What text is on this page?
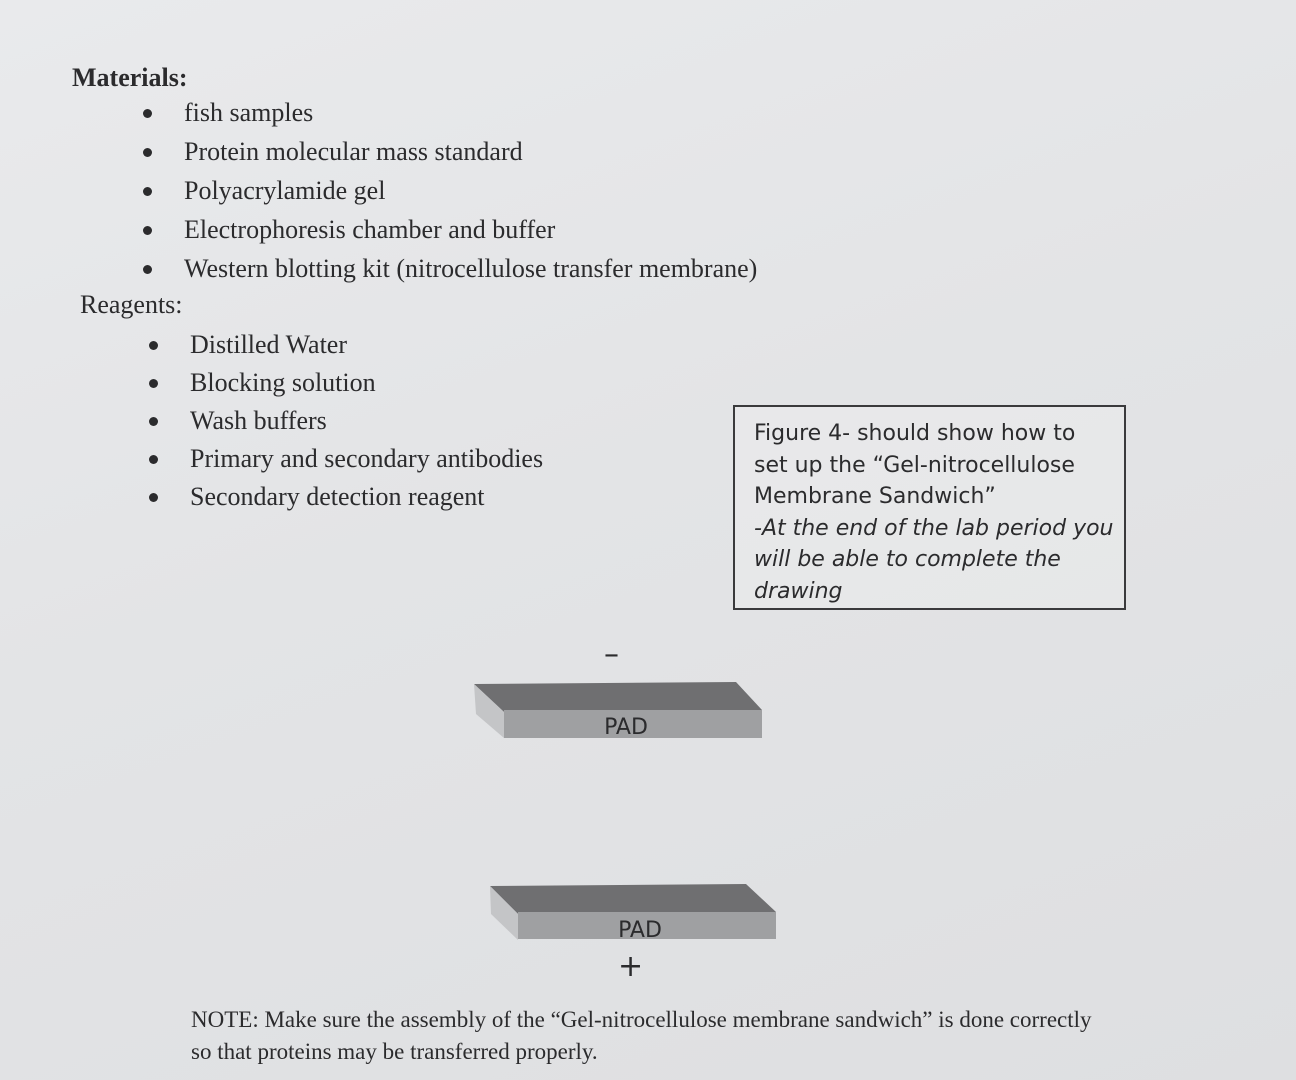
Materials:
fish samples
Protein molecular mass standard
Polyacrylamide gel
Electrophoresis chamber and buffer
Western blotting kit (nitrocellulose transfer membrane)
Reagents:
Distilled Water
Blocking solution
Wash buffers
Primary and secondary antibodies
Secondary detection reagent
Figure 4- should show how to
set up the “Gel-nitrocellulose
Membrane Sandwich”
-At the end of the lab period you
will be able to complete the
drawing
–
PAD
PAD
+
NOTE: Make sure the assembly of the “Gel-nitrocellulose membrane sandwich” is done correctly
so that proteins may be transferred properly.
